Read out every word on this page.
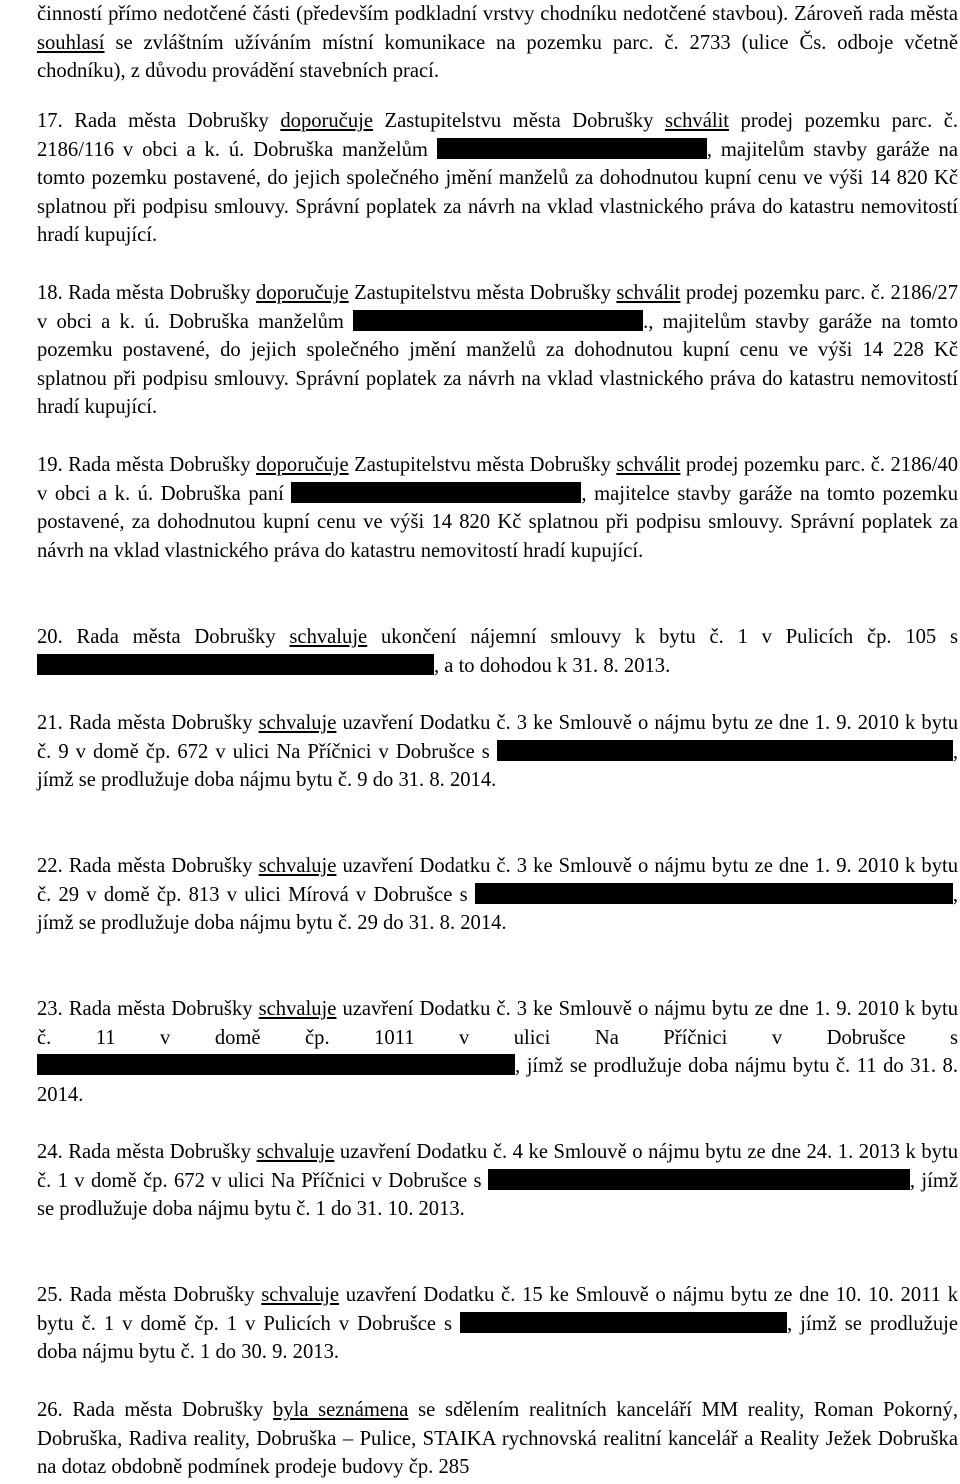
činností přímo nedotčené části (především podkladní vrstvy chodníku nedotčené stavbou). Zároveň rada města souhlasí se zvláštním užíváním místní komunikace na pozemku parc. č. 2733 (ulice Čs. odboje včetně chodníku), z důvodu provádění stavebních prací.

17. Rada města Dobrušky doporučuje Zastupitelstvu města Dobrušky schválit prodej pozemku parc. č. 2186/116 v obci a k. ú. Dobruška manželům	, majitelům stavby garáže na tomto pozemku postavené, do jejich společného jmění manželů za dohodnutou kupní cenu ve výši 14 820 Kč splatnou při podpisu smlouvy. Správní poplatek za návrh na vklad vlastnického práva do katastru nemovitostí hradí kupující.

18. Rada města Dobrušky doporučuje Zastupitelstvu města Dobrušky schválit prodej pozemku parc. č. 2186/27 v obci a k. ú. Dobruška manželům	., majitelům stavby garáže na tomto pozemku postavené, do jejich společného jmění manželů za dohodnutou kupní cenu ve výši 14 228 Kč splatnou při podpisu smlouvy. Správní poplatek za návrh na vklad vlastnického práva do katastru nemovitostí hradí kupující.

19. Rada města Dobrušky doporučuje Zastupitelstvu města Dobrušky schválit prodej pozemku parc. č. 2186/40 v obci a k. ú. Dobruška paní	, majitelce stavby garáže na tomto pozemku postavené, za dohodnutou kupní cenu ve výši 14 820 Kč splatnou při podpisu smlouvy. Správní poplatek za návrh na vklad vlastnického práva do katastru nemovitostí hradí kupující.

20. Rada města Dobrušky schvaluje ukončení nájemní smlouvy k bytu č. 1 v Pulicích čp. 105 s , a to dohodou k 31. 8. 2013.

21. Rada města Dobrušky schvaluje uzavření Dodatku č. 3 ke Smlouvě o nájmu bytu ze dne 1. 9. 2010 k bytu č. 9 v domě čp. 672 v ulici Na Příčnici v Dobrušce s	, jímž se prodlužuje doba nájmu bytu č. 9 do 31. 8. 2014.

22. Rada města Dobrušky schvaluje uzavření Dodatku č. 3 ke Smlouvě o nájmu bytu ze dne 1. 9. 2010 k bytu č. 29 v domě čp. 813 v ulici Mírová v Dobrušce s	, jímž se prodlužuje doba nájmu bytu č. 29 do 31. 8. 2014.

23. Rada města Dobrušky schvaluje uzavření Dodatku č. 3 ke Smlouvě o nájmu bytu ze dne 1. 9. 2010 k bytu č. 11 v domě čp. 1011 v ulici Na Příčnici v Dobrušce s , jímž se prodlužuje doba nájmu bytu č. 11 do 31. 8. 2014.

24. Rada města Dobrušky schvaluje uzavření Dodatku č. 4 ke Smlouvě o nájmu bytu ze dne 24. 1. 2013 k bytu č. 1 v domě čp. 672 v ulici Na Příčnici v Dobrušce s	, jímž se prodlužuje doba nájmu bytu č. 1 do 31. 10. 2013.

25. Rada města Dobrušky schvaluje uzavření Dodatku č. 15 ke Smlouvě o nájmu bytu ze dne 10. 10. 2011 k bytu č. 1 v domě čp. 1 v Pulicích v Dobrušce s	, jímž se prodlužuje doba nájmu bytu č. 1 do 30. 9. 2013.

26. Rada města Dobrušky byla seznámena se sdělením realitních kanceláří MM reality, Roman Pokorný, Dobruška, Radiva reality, Dobruška – Pulice, STAIKA rychnovská realitní kancelář a Reality Ježek Dobruška na dotaz obdobně podmínek prodeje budovy čp. 285
